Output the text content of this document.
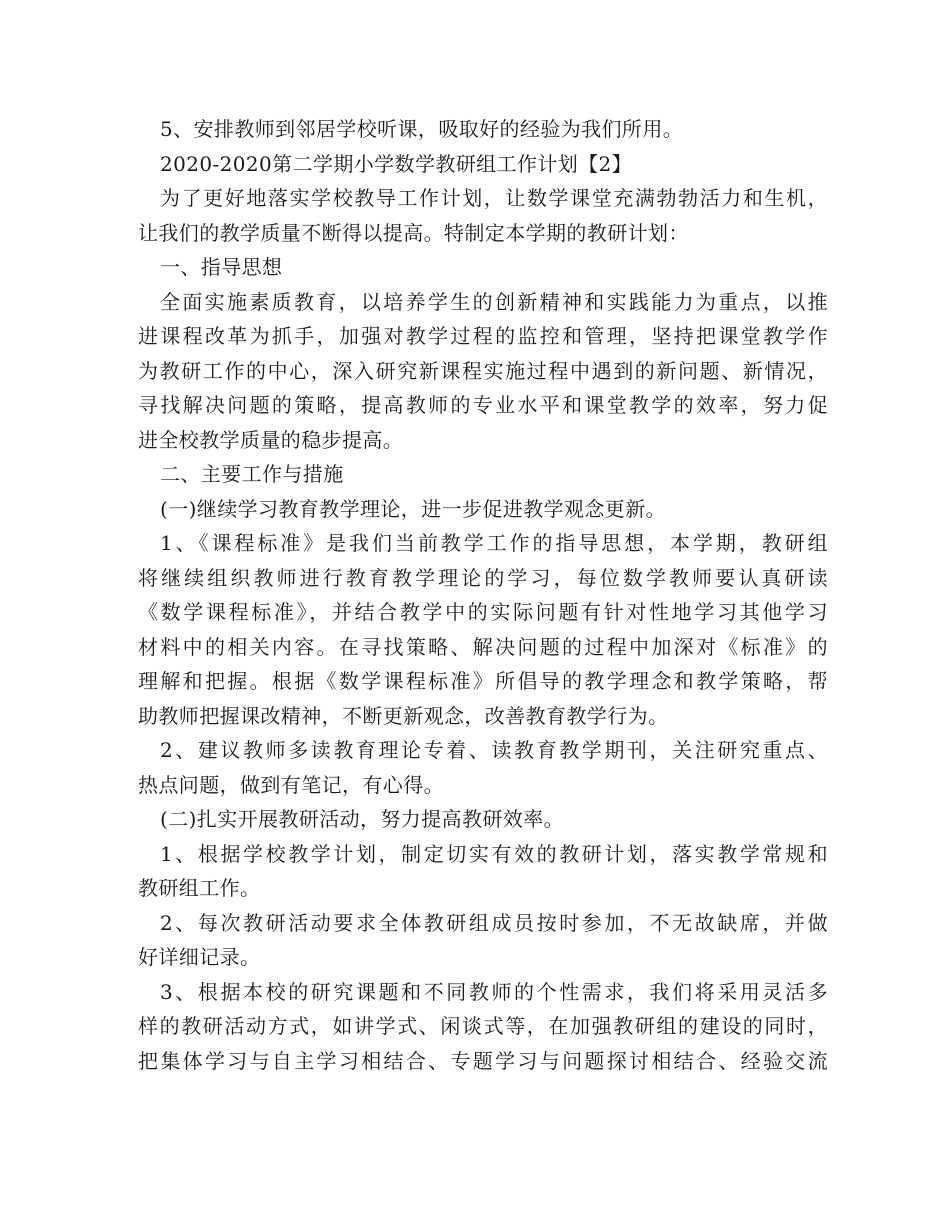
5、安排教师到邻居学校听课，吸取好的经验为我们所用。
2020-2020第二学期小学数学教研组工作计划【2】
为了更好地落实学校教导工作计划，让数学课堂充满勃勃活力和生机，
让我们的教学质量不断得以提高。特制定本学期的教研计划：
一、指导思想
全面实施素质教育，以培养学生的创新精神和实践能力为重点，以推
进课程改革为抓手，加强对教学过程的监控和管理，坚持把课堂教学作
为教研工作的中心，深入研究新课程实施过程中遇到的新问题、新情况，
寻找解决问题的策略，提高教师的专业水平和课堂教学的效率，努力促
进全校教学质量的稳步提高。
二、主要工作与措施
(一)继续学习教育教学理论，进一步促进教学观念更新。
1、《课程标准》是我们当前教学工作的指导思想，本学期，教研组
将继续组织教师进行教育教学理论的学习，每位数学教师要认真研读
《数学课程标准》，并结合教学中的实际问题有针对性地学习其他学习
材料中的相关内容。在寻找策略、解决问题的过程中加深对《标准》的
理解和把握。根据《数学课程标准》所倡导的教学理念和教学策略，帮
助教师把握课改精神，不断更新观念，改善教育教学行为。
2、建议教师多读教育理论专着、读教育教学期刊，关注研究重点、
热点问题，做到有笔记，有心得。
(二)扎实开展教研活动，努力提高教研效率。
1、根据学校教学计划，制定切实有效的教研计划，落实教学常规和
教研组工作。
2、每次教研活动要求全体教研组成员按时参加，不无故缺席，并做
好详细记录。
3、根据本校的研究课题和不同教师的个性需求，我们将采用灵活多
样的教研活动方式，如讲学式、闲谈式等，在加强教研组的建设的同时，
把集体学习与自主学习相结合、专题学习与问题探讨相结合、经验交流
